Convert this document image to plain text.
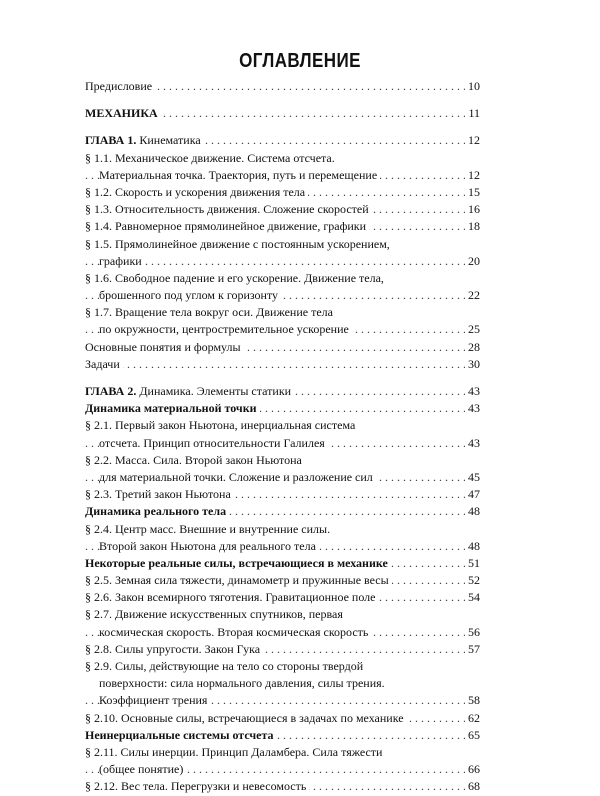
ОГЛАВЛЕНИЕ
. . . Предисловие	10
. . . МЕХАНИКА	11
. . . ГЛАВА 1. Кинематика	12
§ 1.1. Механическое движение. Система отсчета.
. . . Материальная точка. Траектория, путь и перемещение	12
. . . § 1.2. Скорость и ускорения движения тела	15
. . . § 1.3. Относительность движения. Сложение скоростей	16
. . . § 1.4. Равномерное прямолинейное движение, графики	18
§ 1.5. Прямолинейное движение с постоянным ускорением,
. . . графики	20
§ 1.6. Свободное падение и его ускорение. Движение тела,
. . . брошенного под углом к горизонту	22
§ 1.7. Вращение тела вокруг оси. Движение тела
. . . по окружности, центростремительное ускорение	25
. . . Основные понятия и формулы	28
. . . Задачи	30
. . . ГЛАВА 2. Динамика. Элементы статики	43
. . . Динамика материальной точки	43
§ 2.1. Первый закон Ньютона, инерциальная система
. . . отсчета. Принцип относительности Галилея	43
§ 2.2. Масса. Сила. Второй закон Ньютона
. . . для материальной точки. Сложение и разложение сил	45
. . . § 2.3. Третий закон Ньютона	47
. . . Динамика реального тела	48
§ 2.4. Центр масс. Внешние и внутренние силы.
. . . Второй закон Ньютона для реального тела	48
. . . Некоторые реальные силы, встречающиеся в механике	51
. . . § 2.5. Земная сила тяжести, динамометр и пружинные весы	52
. . . § 2.6. Закон всемирного тяготения. Гравитационное поле	54
§ 2.7. Движение искусственных спутников, первая
. . . космическая скорость. Вторая космическая скорость	56
. . . § 2.8. Силы упругости. Закон Гука	57
§ 2.9. Силы, действующие на тело со стороны твердой
поверхности: сила нормального давления, силы трения.
. . . Коэффициент трения	58
. . . § 2.10. Основные силы, встречающиеся в задачах по механике	62
. . . Неинерциальные системы отсчета	65
§ 2.11. Силы инерции. Принцип Даламбера. Сила тяжести
. . . (общее понятие)	66
. . . § 2.12. Вес тела. Перегрузки и невесомость	68
